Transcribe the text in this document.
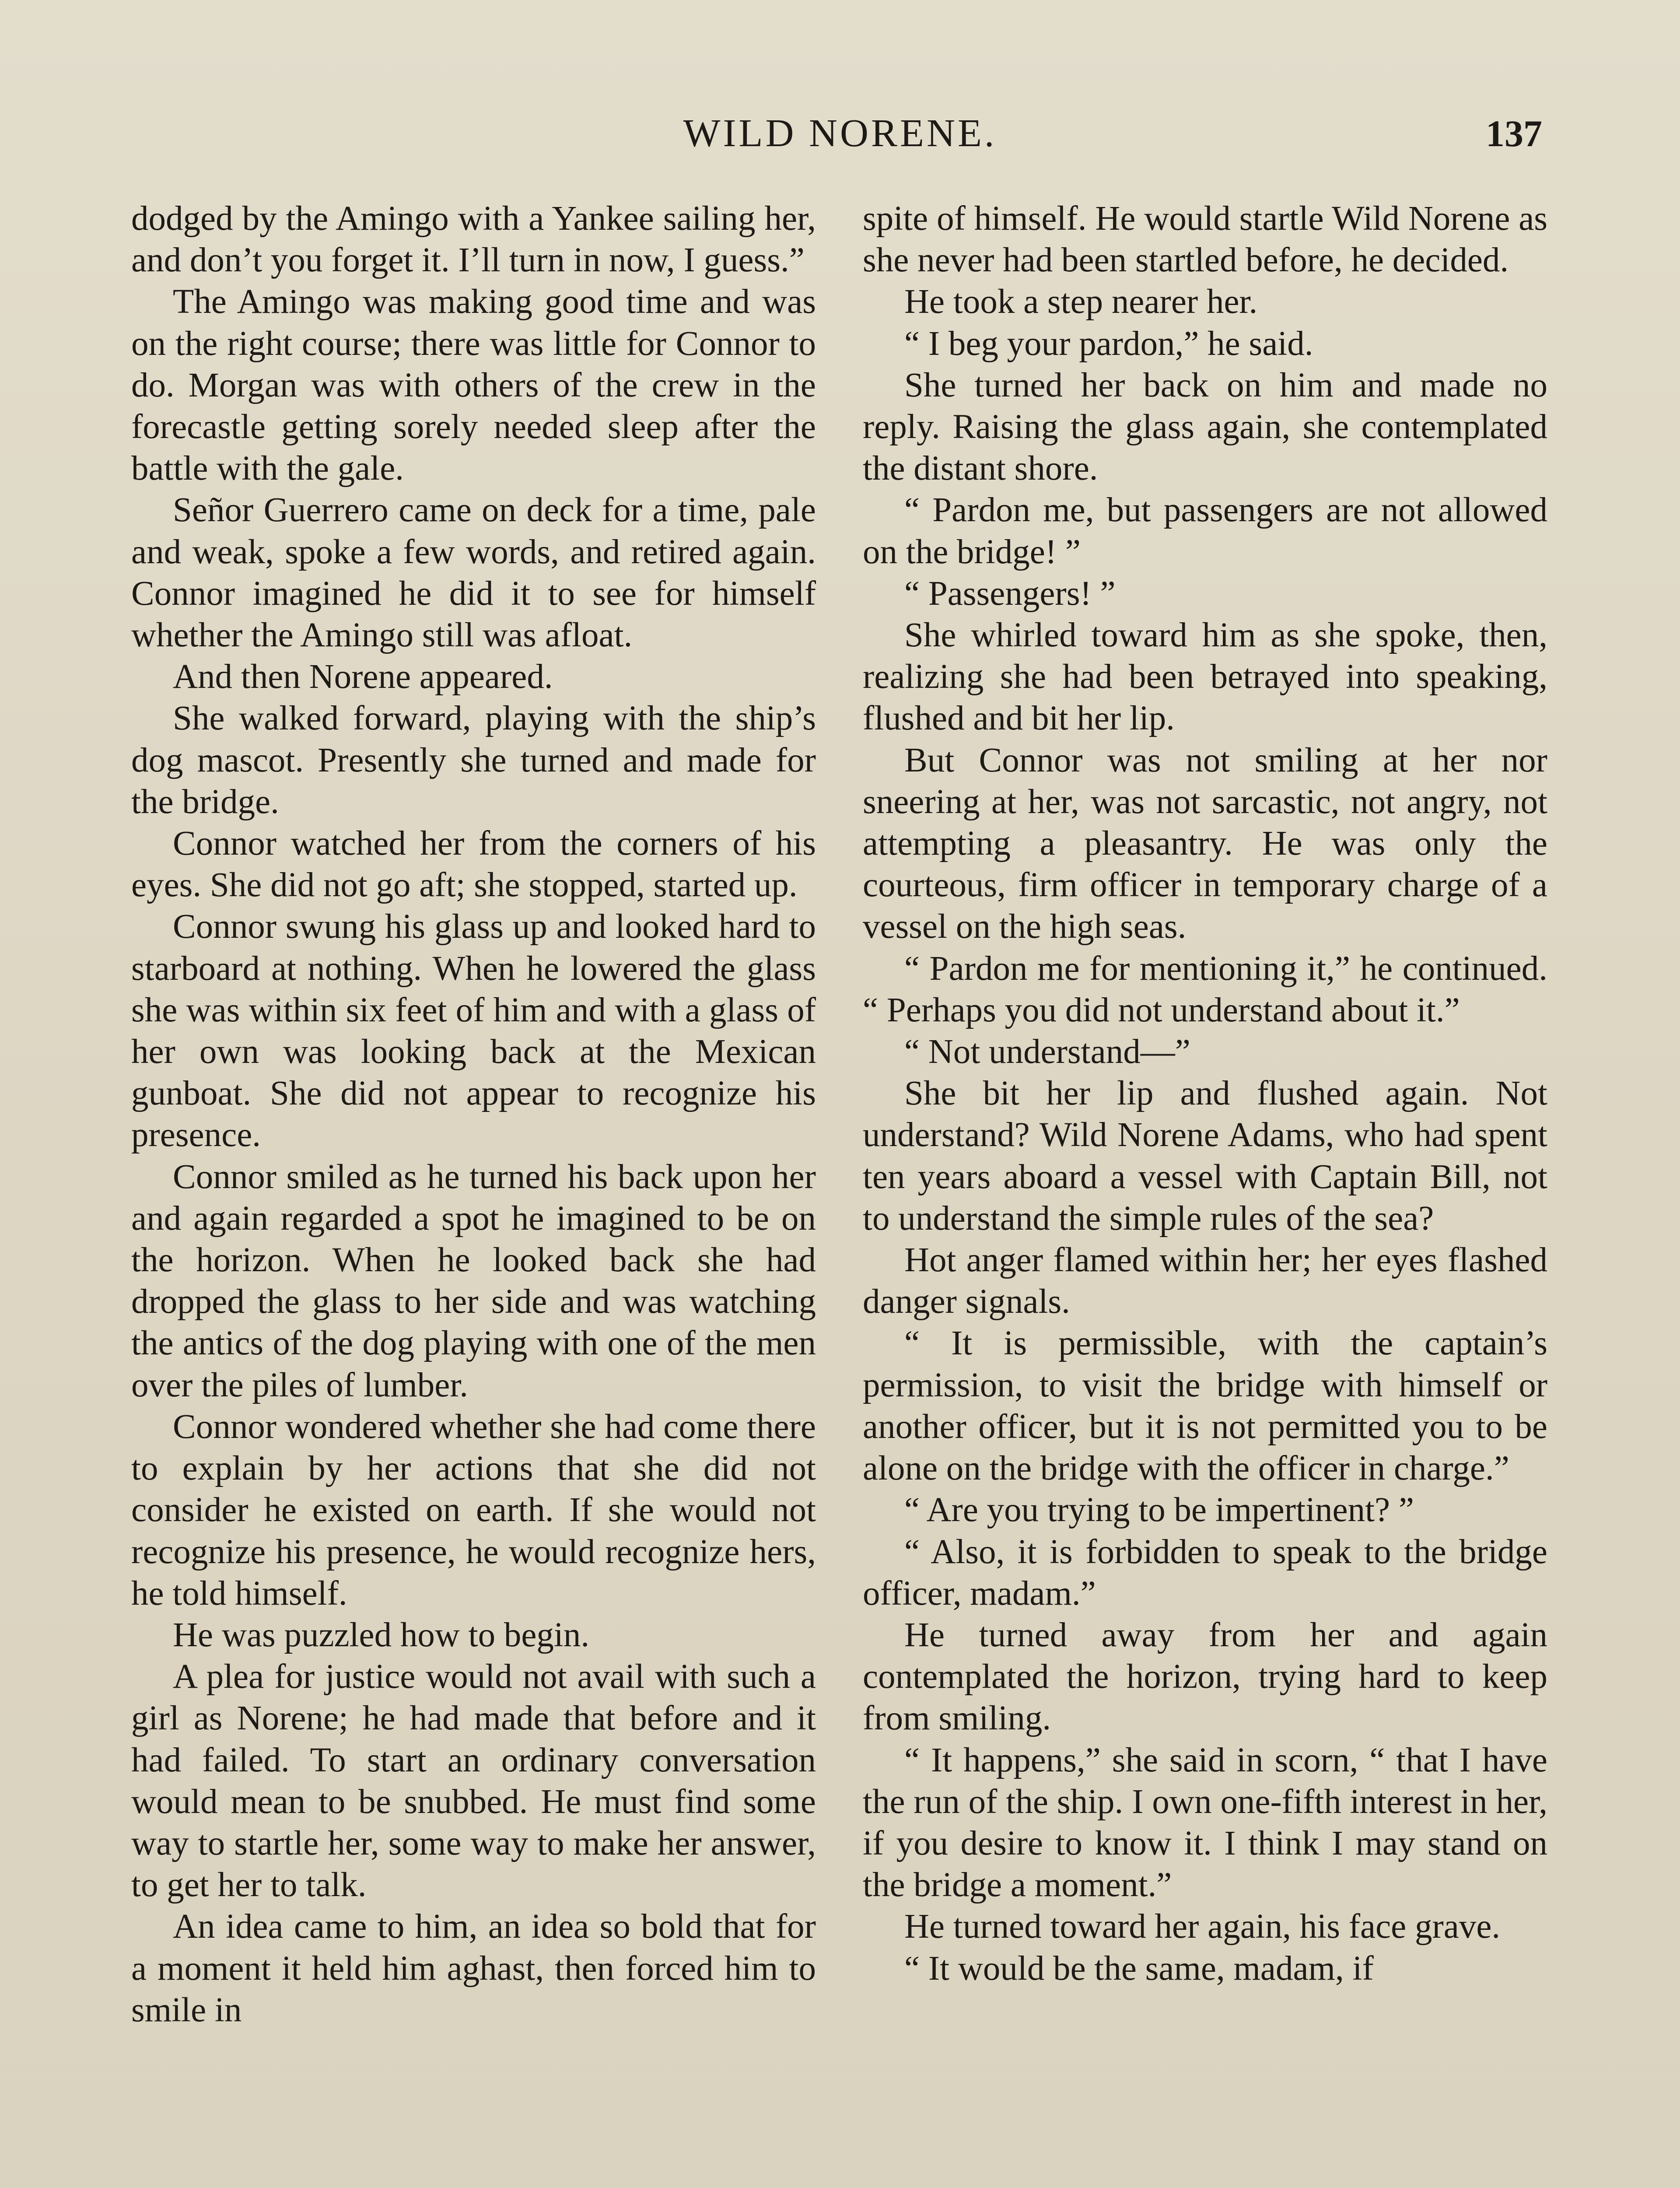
WILD NORENE.	137

dodged by the Amingo with a Yankee sailing her, and don’t you forget it. I’ll turn in now, I guess.”

The Amingo was making good time and was on the right course; there was little for Connor to do. Morgan was with others of the crew in the forecastle getting sorely needed sleep after the battle with the gale.

Señor Guerrero came on deck for a time, pale and weak, spoke a few words, and retired again. Connor imagined he did it to see for himself whether the Amingo still was afloat.

And then Norene appeared.

She walked forward, playing with the ship’s dog mascot. Presently she turned and made for the bridge.

Connor watched her from the corners of his eyes. She did not go aft; she stopped, started up.

Connor swung his glass up and looked hard to starboard at nothing. When he lowered the glass she was within six feet of him and with a glass of her own was looking back at the Mexican gunboat. She did not appear to recognize his presence.

Connor smiled as he turned his back upon her and again regarded a spot he imagined to be on the horizon. When he looked back she had dropped the glass to her side and was watching the antics of the dog playing with one of the men over the piles of lumber.

Connor wondered whether she had come there to explain by her actions that she did not consider he existed on earth. If she would not recognize his presence, he would recognize hers, he told himself.

He was puzzled how to begin.

A plea for justice would not avail with such a girl as Norene; he had made that before and it had failed. To start an ordinary conversation would mean to be snubbed. He must find some way to startle her, some way to make her answer, to get her to talk.

An idea came to him, an idea so bold that for a moment it held him aghast, then forced him to smile in

spite of himself. He would startle Wild Norene as she never had been startled before, he decided.

He took a step nearer her.

“ I beg your pardon,” he said.

She turned her back on him and made no reply. Raising the glass again, she contemplated the distant shore.

“ Pardon me, but passengers are not allowed on the bridge! ”

“ Passengers! ”

She whirled toward him as she spoke, then, realizing she had been betrayed into speaking, flushed and bit her lip.

But Connor was not smiling at her nor sneering at her, was not sarcastic, not angry, not attempting a pleasantry. He was only the courteous, firm officer in temporary charge of a vessel on the high seas.

“ Pardon me for mentioning it,” he continued. “ Perhaps you did not understand about it.”

“ Not understand—”

She bit her lip and flushed again. Not understand? Wild Norene Adams, who had spent ten years aboard a vessel with Captain Bill, not to understand the simple rules of the sea?

Hot anger flamed within her; her eyes flashed danger signals.

“ It is permissible, with the captain’s permission, to visit the bridge with himself or another officer, but it is not permitted you to be alone on the bridge with the officer in charge.”

“ Are you trying to be impertinent? ”

“ Also, it is forbidden to speak to the bridge officer, madam.”

He turned away from her and again contemplated the horizon, trying hard to keep from smiling.

“ It happens,” she said in scorn, “ that I have the run of the ship. I own one-fifth interest in her, if you desire to know it. I think I may stand on the bridge a moment.”

He turned toward her again, his face grave.

“ It would be the same, madam, if
